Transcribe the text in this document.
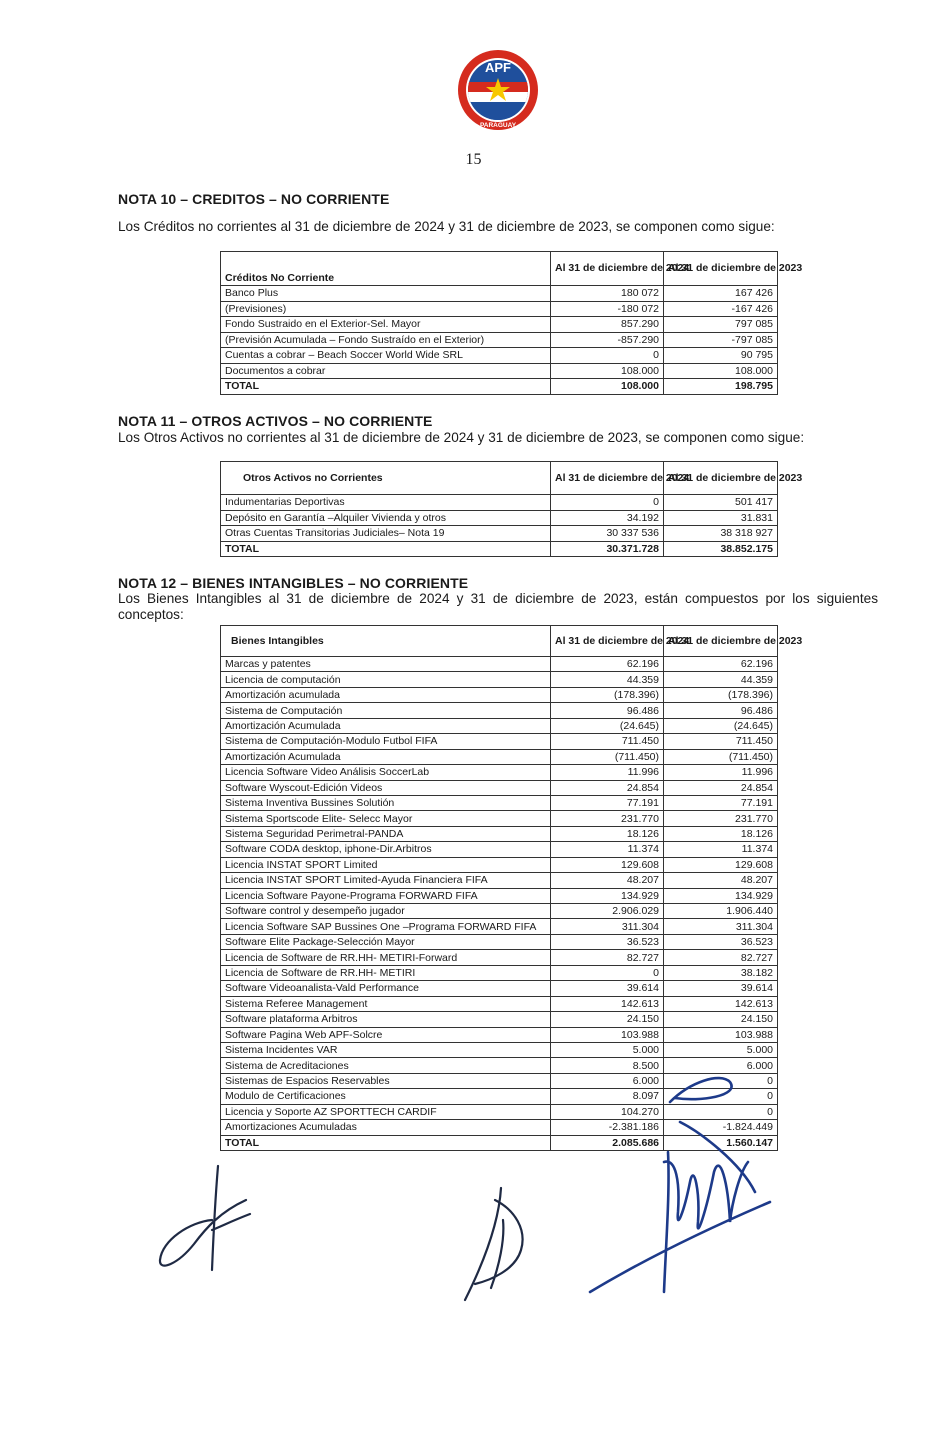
APF
PARAGUAY
15
NOTA 10 – CREDITOS – NO CORRIENTE
Los Créditos no corrientes al 31 de diciembre de 2024 y 31 de diciembre de 2023, se componen como sigue:
Créditos No Corriente	Al 31 de diciembre de 2024	Al 31 de diciembre de 2023
Banco Plus	180 072	167 426
(Previsiones)	-180 072	-167 426
Fondo Sustraido en el Exterior-Sel. Mayor	857.290	797 085
(Previsión Acumulada – Fondo Sustraído en el Exterior)	-857.290	-797 085
Cuentas a cobrar – Beach Soccer World Wide SRL	0	90 795
Documentos a cobrar	108.000	108.000
TOTAL	108.000	198.795
NOTA 11 – OTROS ACTIVOS – NO CORRIENTE
Los Otros Activos no corrientes al 31 de diciembre de 2024 y 31 de diciembre de 2023, se componen como sigue:
Otros Activos no Corrientes	Al 31 de diciembre de 2024	Al 31 de diciembre de 2023
Indumentarias Deportivas	0	501 417
Depósito en Garantía –Alquiler Vivienda y otros	34.192	31.831
Otras Cuentas Transitorias Judiciales– Nota 19	30 337 536	38 318 927
TOTAL	30.371.728	38.852.175
NOTA 12 – BIENES INTANGIBLES – NO CORRIENTE
Los Bienes Intangibles al 31 de diciembre de 2024 y 31 de diciembre de 2023, están compuestos por los siguientes conceptos:
Bienes Intangibles	Al 31 de diciembre de 2024	Al 31 de diciembre de 2023
Marcas y patentes	62.196	62.196
Licencia de computación	44.359	44.359
Amortización acumulada	(178.396)	(178.396)
Sistema de Computación	96.486	96.486
Amortización Acumulada	(24.645)	(24.645)
Sistema de Computación-Modulo Futbol FIFA	711.450	711.450
Amortización Acumulada	(711.450)	(711.450)
Licencia Software Video Análisis SoccerLab	11.996	11.996
Software Wyscout-Edición Videos	24.854	24.854
Sistema Inventiva Bussines Solutión	77.191	77.191
Sistema Sportscode Elite- Selecc Mayor	231.770	231.770
Sistema Seguridad Perimetral-PANDA	18.126	18.126
Software CODA desktop, iphone-Dir.Arbitros	11.374	11.374
Licencia INSTAT SPORT Limited	129.608	129.608
Licencia INSTAT SPORT Limited-Ayuda Financiera FIFA	48.207	48.207
Licencia Software Payone-Programa FORWARD FIFA	134.929	134.929
Software control y desempeño jugador	2.906.029	1.906.440
Licencia Software SAP Bussines One –Programa FORWARD FIFA	311.304	311.304
Software Elite Package-Selección Mayor	36.523	36.523
Licencia de Software de RR.HH- METIRI-Forward	82.727	82.727
Licencia de Software de RR.HH- METIRI	0	38.182
Software Videoanalista-Vald Performance	39.614	39.614
Sistema Referee Management	142.613	142.613
Software plataforma Arbitros	24.150	24.150
Software Pagina Web APF-Solcre	103.988	103.988
Sistema Incidentes VAR	5.000	5.000
Sistema de Acreditaciones	8.500	6.000
Sistemas de Espacios Reservables	6.000	0
Modulo de Certificaciones	8.097	0
Licencia y Soporte AZ SPORTTECH CARDIF	104.270	0
Amortizaciones Acumuladas	-2.381.186	-1.824.449
TOTAL	2.085.686	1.560.147
